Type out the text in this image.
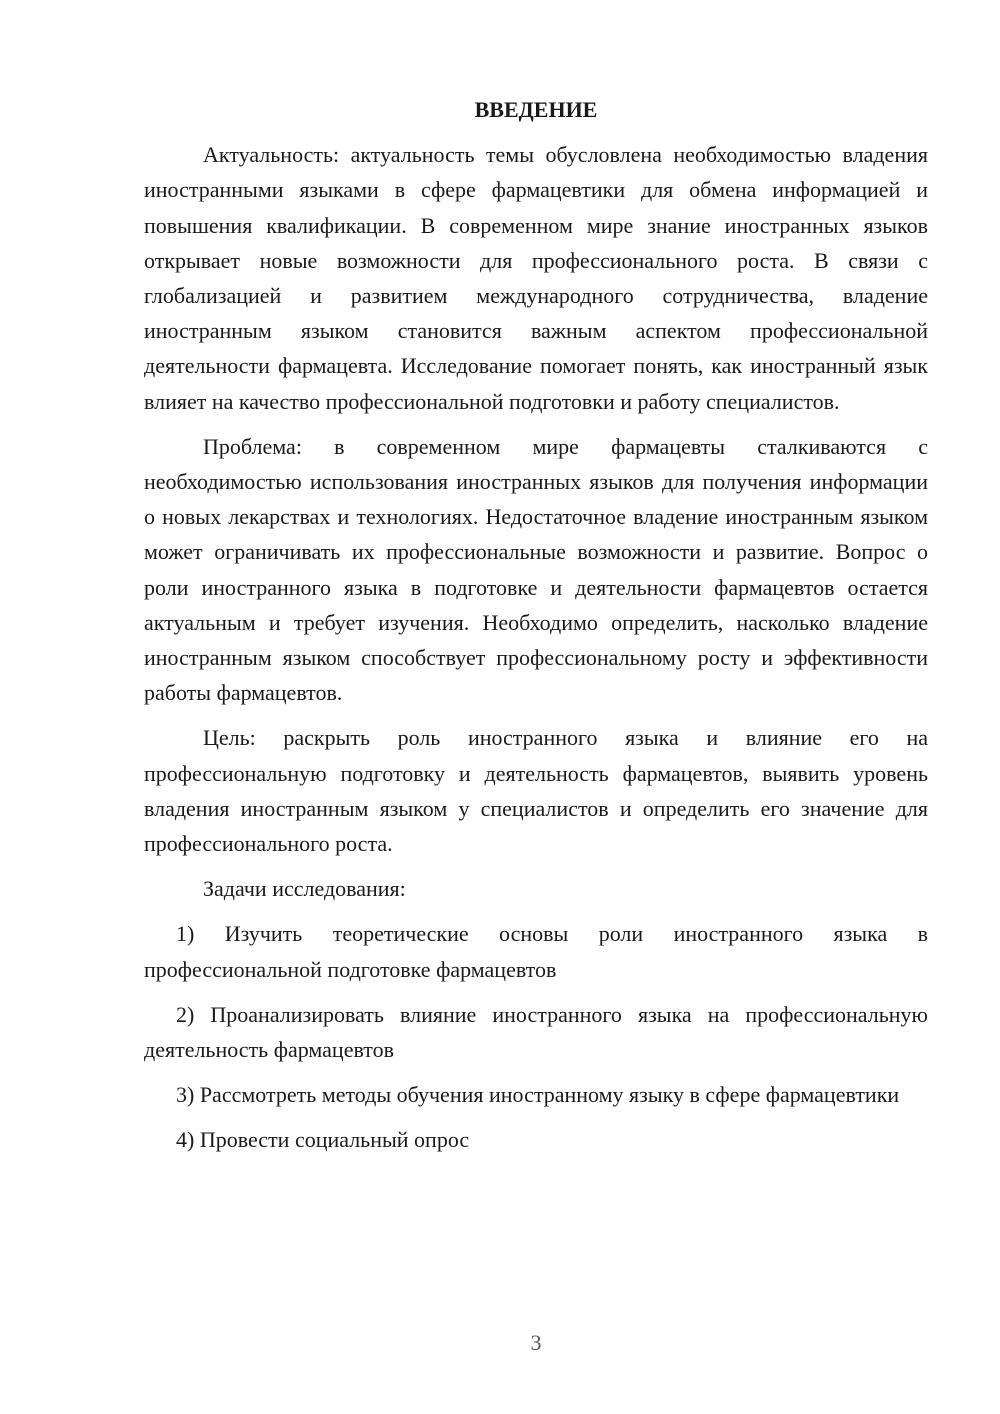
ВВЕДЕНИЕ

Актуальность: актуальность темы обусловлена необходимостью владения иностранными языками в сфере фармацевтики для обмена информацией и повышения квалификации. В современном мире знание иностранных языков открывает новые возможности для профессионального роста. В связи с глобализацией и развитием международного сотрудничества, владение иностранным языком становится важным аспектом профессиональной деятельности фармацевта. Исследование помогает понять, как иностранный язык влияет на качество профессиональной подготовки и работу специалистов.

Проблема: в современном мире фармацевты сталкиваются с необходимостью использования иностранных языков для получения информации о новых лекарствах и технологиях. Недостаточное владение иностранным языком может ограничивать их профессиональные возможности и развитие. Вопрос о роли иностранного языка в подготовке и деятельности фармацевтов остается актуальным и требует изучения. Необходимо определить, насколько владение иностранным языком способствует профессиональному росту и эффективности работы фармацевтов.

Цель: раскрыть роль иностранного языка и влияние его на профессиональную подготовку и деятельность фармацевтов, выявить уровень владения иностранным языком у специалистов и определить его значение для профессионального роста.

Задачи исследования:

1) Изучить теоретические основы роли иностранного языка в профессиональной подготовке фармацевтов

2) Проанализировать влияние иностранного языка на профессиональную деятельность фармацевтов

3) Рассмотреть методы обучения иностранному языку в сфере фармацевтики

4) Провести социальный опрос

3
